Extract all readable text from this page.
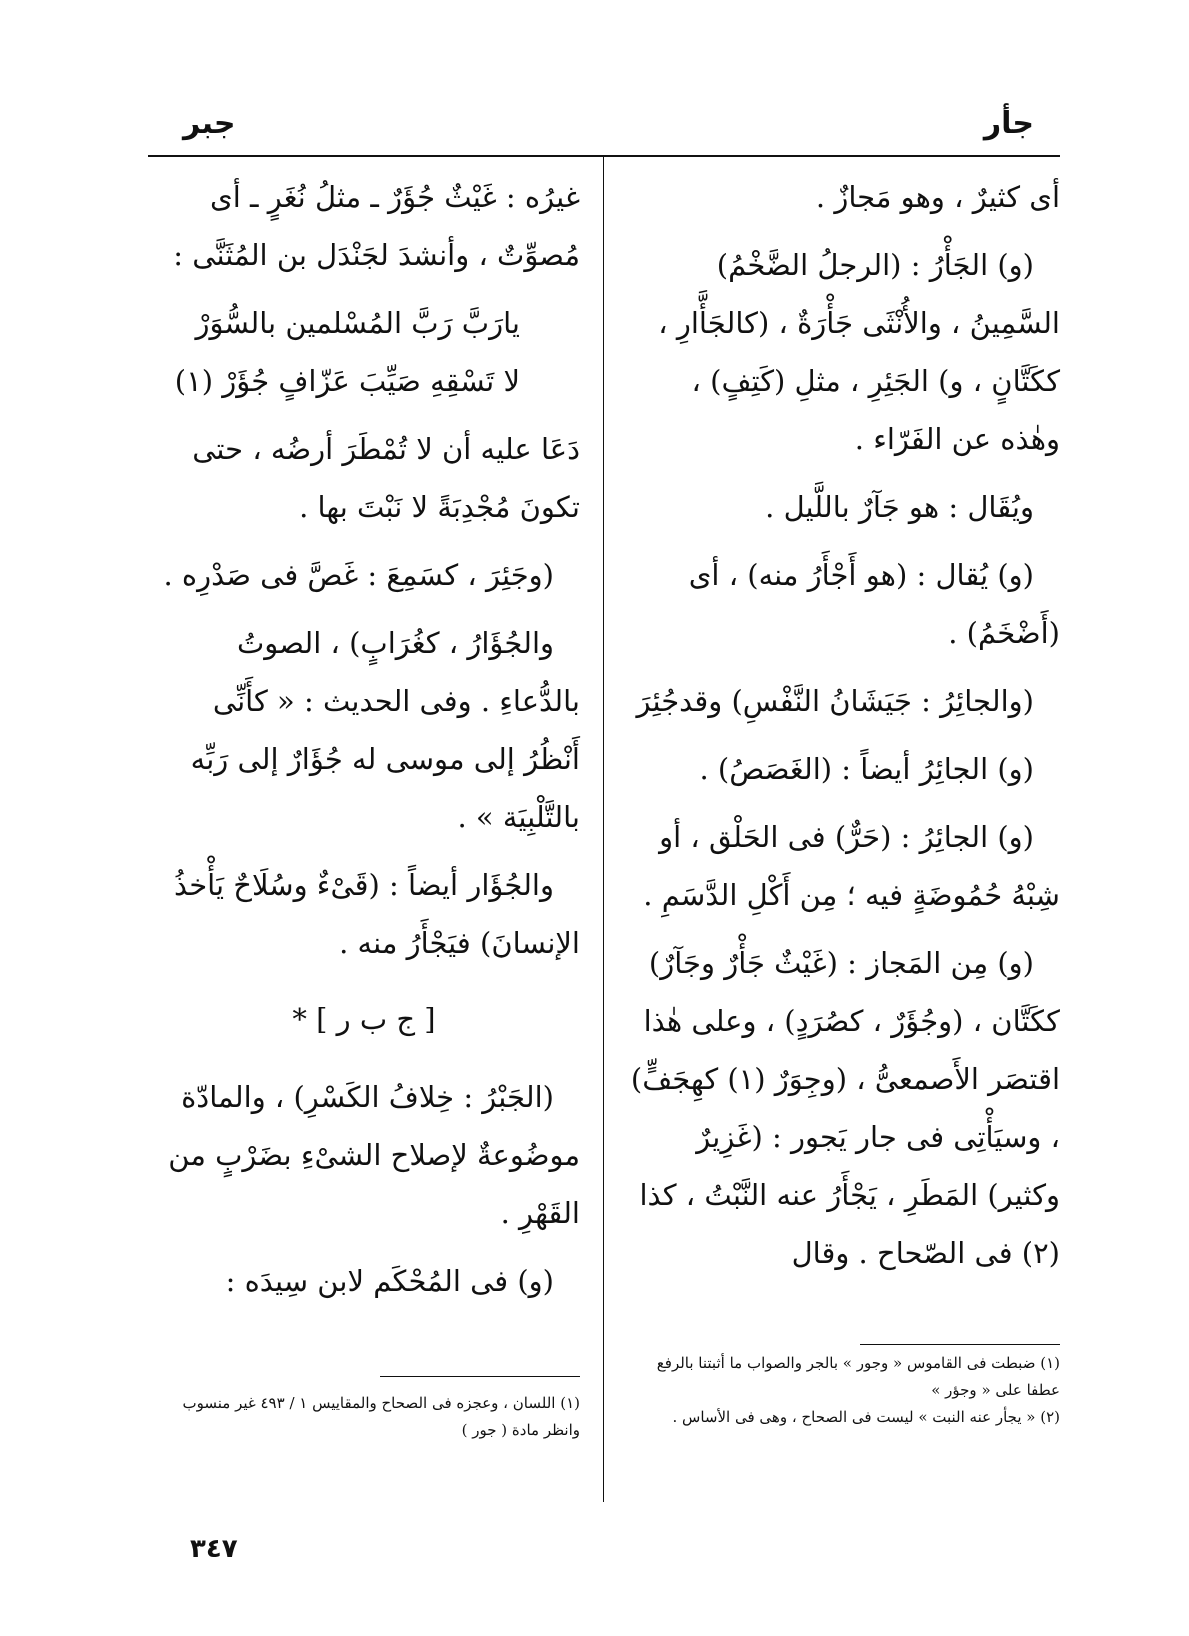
جأر
جبر

أى كثيرٌ ، وهو مَجازٌ .

(و) الجَأْرُ : (الرجلُ الضَّخْمُ) السَّمِينُ ، والأُنْثَى جَأْرَةٌ ، (كالجَأَّارِ ، ككَتَّانٍ ، و) الجَئِرِ ، مثلِ (كَتِفٍ) ، وهٰذه عن الفَرّاء .

ويُقَال : هو جَآرٌ باللَّيل .

(و) يُقال : (هو أَجْأَرُ منه) ، أى (أَضْخَمُ) .

(والجائِرُ : جَيَشَانُ النَّفْسِ) وقدجُئِرَ

(و) الجائِرُ أيضاً : (الغَصَصُ) .

(و) الجائِرُ : (حَرٌّ) فى الحَلْق ، أو شِبْهُ حُمُوضَةٍ فيه ؛ مِن أَكْلِ الدَّسَمِ .

(و) مِن المَجاز : (غَيْثٌ جَأْرٌ وجَآرٌ) ككَتَّان ، (وجُؤَرٌ ، كصُرَدٍ) ، وعلى هٰذا اقتصَر الأَصمعىُّ ، (وجِوَرٌ (١) كهِجَفٍّ) ، وسيَأْتِى فى جار يَجور : (غَزِيرٌ وكثير) المَطَرِ ، يَجْأَرُ عنه النَّبْتُ ، كذا (٢) فى الصّحاح . وقال

غيرُه : غَيْثٌ جُؤَرٌ ـ مثلُ نُغَرٍ ـ أى مُصوِّتٌ ، وأنشدَ لجَنْدَل بن المُثَنَّى :

يارَبَّ رَبَّ المُسْلمين بالسُّوَرْ

لا تَسْقِهِ صَيِّبَ عَزّافٍ جُؤَرْ (١)

دَعَا عليه أن لا تُمْطَرَ أرضُه ، حتى تكونَ مُجْدِبَةً لا نَبْتَ بها .

(وجَئِرَ ، كسَمِعَ : غَصَّ فى صَدْرِه .

والجُؤَارُ ، كغُرَابٍ) ، الصوتُ بالدُّعاءِ . وفى الحديث : « كأَنِّى أَنْظُرُ إلى موسى له جُؤَارٌ إلى رَبِّه بالتَّلْبِيَة » .

والجُؤَار أيضاً : (قَىْءٌ وسُلَاحٌ يَأْخذُ الإنسانَ) فيَجْأَرُ منه .

[ ج ب ر ] *

(الجَبْرُ : خِلافُ الكَسْرِ) ، والمادّة موضُوعةٌ لإصلاح الشىْءِ بضَرْبٍ من القَهْرِ .

(و) فى المُحْكَم لابن سِيدَه :

(١) ضبطت فى القاموس « وجور » بالجر والصواب ما أثبتنا بالرفع عطفا على « وجؤر »

(٢) « يجأر عنه النبت » ليست فى الصحاح ، وهى فى الأساس .

(١) اللسان ، وعجزه فى الصحاح والمقاييس ١ / ٤٩٣ غير منسوب وانظر مادة ( جور )

٣٤٧
